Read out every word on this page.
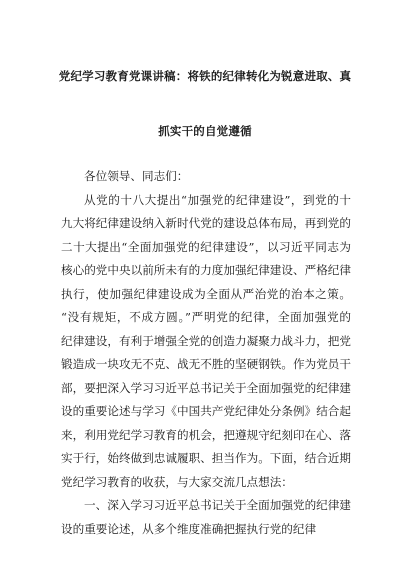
党纪学习教育党课讲稿：将铁的纪律转化为锐意进取、真
抓实干的自觉遵循
各位领导、同志们：
从党的十八大提出“加强党的纪律建设”，到党的十
九大将纪律建设纳入新时代党的建设总体布局，再到党的
二十大提出“全面加强党的纪律建设”，以习近平同志为
核心的党中央以前所未有的力度加强纪律建设、严格纪律
执行，使加强纪律建设成为全面从严治党的治本之策。
“没有规矩，不成方圆。”严明党的纪律，全面加强党的
纪律建设，有利于增强全党的创造力凝聚力战斗力，把党
锻造成一块攻无不克、战无不胜的坚硬钢铁。作为党员干
部，要把深入学习习近平总书记关于全面加强党的纪律建
设的重要论述与学习《中国共产党纪律处分条例》结合起
来，利用党纪学习教育的机会，把遵规守纪刻印在心、落
实于行，始终做到忠诚履职、担当作为。下面，结合近期
党纪学习教育的收获，与大家交流几点想法：
一、深入学习习近平总书记关于全面加强党的纪律建
设的重要论述，从多个维度准确把握执行党的纪律
